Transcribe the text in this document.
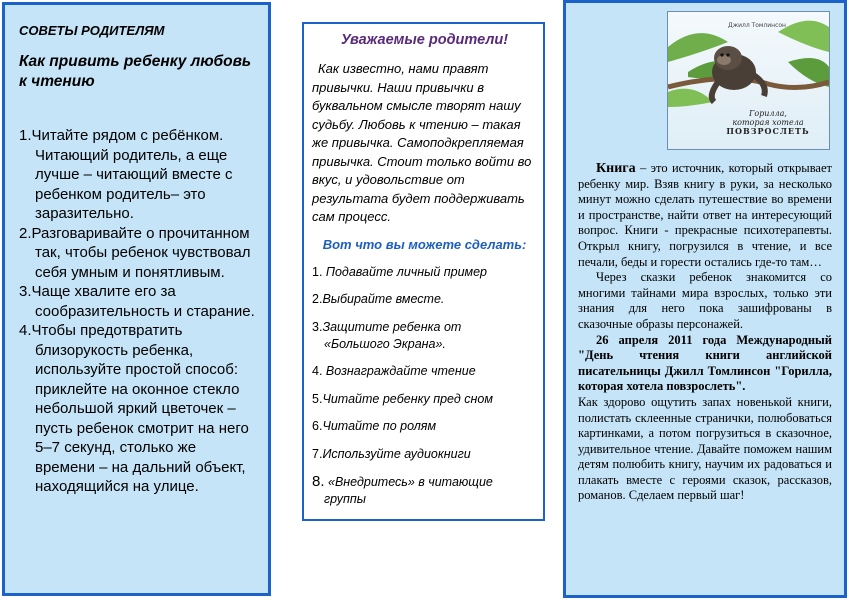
СОВЕТЫ РОДИТЕЛЯМ

Как привить ребенку любовь к чтению

1.Читайте рядом с ребёнком. Читающий родитель, а еще лучше – читающий вместе с ребенком родитель– это заразительно.
2.Разговаривайте о прочитанном так, чтобы ребенок чувствовал себя умным и понятливым.
3.Чаще хвалите его за сообразительность и старание.
4.Чтобы предотвратить близорукость ребенка, используйте простой способ: приклейте на оконное стекло небольшой яркий цветочек – пусть ребенок смотрит на него 5–7 секунд, столько же времени – на дальний объект, находящийся на улице.

Уважаемые родители!

Как известно, нами правят привычки. Наши привычки в буквальном смысле творят нашу судьбу. Любовь к чтению – такая же привычка. Самоподкрепляемая привычка. Стоит только войти во вкус, и удовольствие от результата будет поддерживать сам процесс.

Вот что вы можете сделать:

1. Подавайте личный пример
2.Выбирайте вместе.
3.Защитите ребенка от
«Большого Экрана».
4. Вознаграждайте чтение
5.Читайте ребенку пред сном
6.Читайте по ролям
7.Используйте аудиокниги
8. «Внедритесь» в читающие
группы
Джилл Томлинсон
Горилла,
которая хотела
ПОВЗРОСЛЕТЬ

Книга – это источник, который открывает ребенку мир. Взяв книгу в руки, за несколько минут можно сделать путешествие во времени и пространстве, найти ответ на интересующий вопрос. Книги - прекрасные психотерапевты. Открыл книгу, погрузился в чтение, и все печали, беды и горести остались где-то там…

Через сказки ребенок знакомится со многими тайнами мира взрослых, только эти знания для него пока зашифрованы в сказочные образы персонажей.

26 апреля 2011 года Международный "День чтения книги английской писательницы Джилл Томлинсон "Горилла, которая хотела повзрослеть".

Как здорово ощутить запах новенькой книги, полистать склеенные странички, полюбоваться картинками, а потом погрузиться в сказочное, удивительное чтение. Давайте поможем нашим детям полюбить книгу, научим их радоваться и плакать вместе с героями сказок, рассказов, романов. Сделаем первый шаг!
